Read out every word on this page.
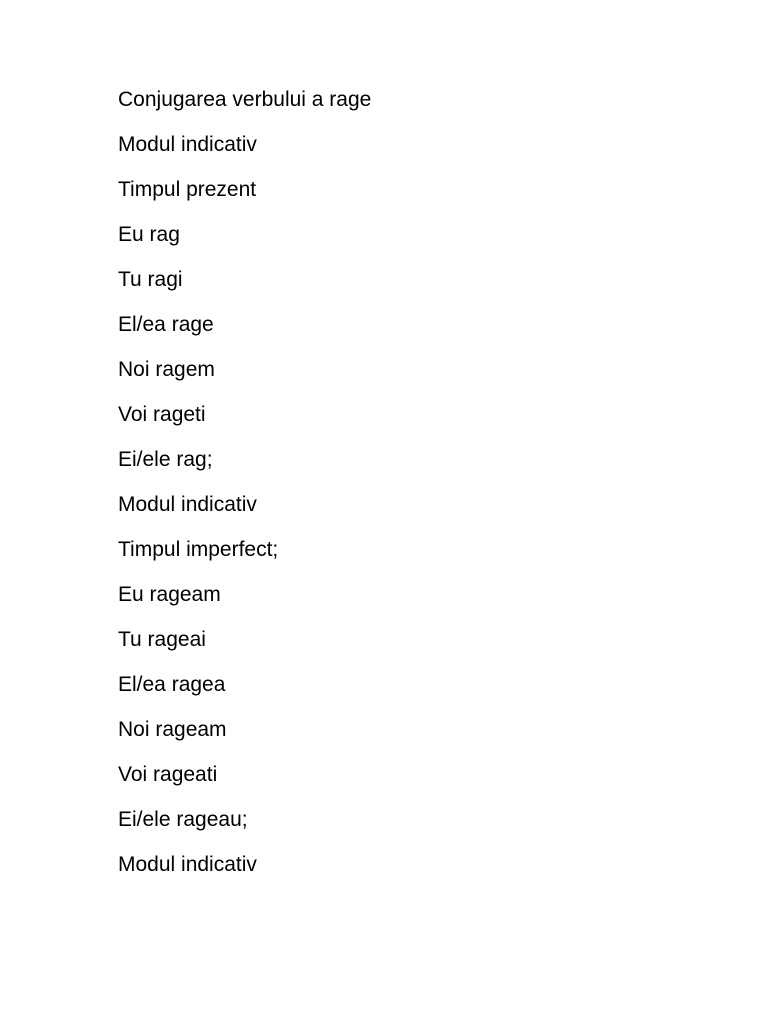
Conjugarea verbului a rage

Modul indicativ

Timpul prezent

Eu rag

Tu ragi

El/ea rage

Noi ragem

Voi rageti

Ei/ele rag;

Modul indicativ

Timpul imperfect;

Eu rageam

Tu rageai

El/ea ragea

Noi rageam

Voi rageati

Ei/ele rageau;

Modul indicativ
